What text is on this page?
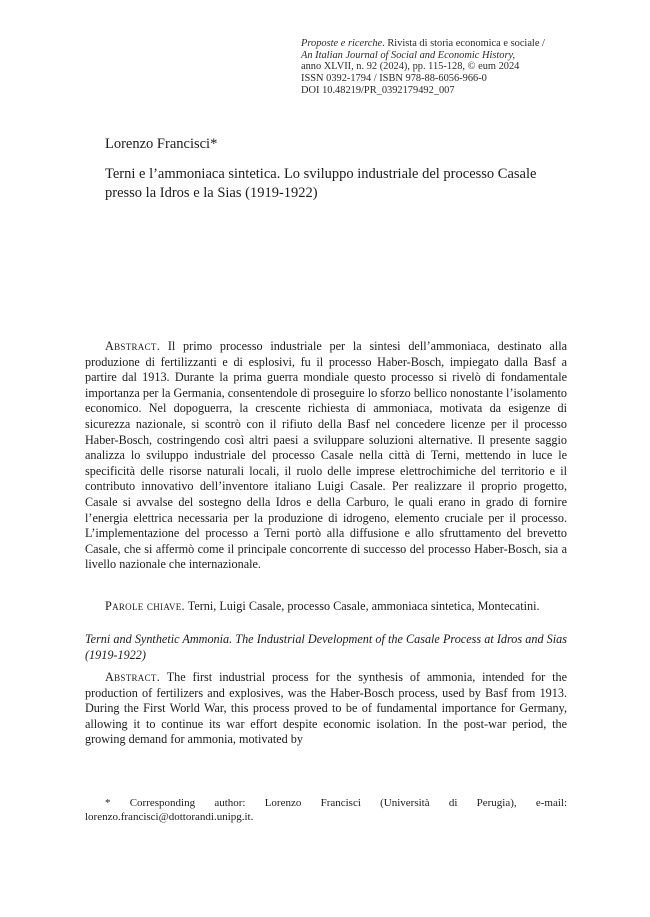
Proposte e ricerche. Rivista di storia economica e sociale /
An Italian Journal of Social and Economic History,
anno XLVII, n. 92 (2024), pp. 115-128, © eum 2024
ISSN 0392-1794 / ISBN 978-88-6056-966-0
DOI 10.48219/PR_0392179492_007
Lorenzo Francisci*
Terni e l’ammoniaca sintetica. Lo sviluppo industriale del processo Casale presso la Idros e la Sias (1919-1922)

Abstract. Il primo processo industriale per la sintesi dell’ammoniaca, destinato alla produzione di fertilizzanti e di esplosivi, fu il processo Haber-Bosch, impiegato dalla Basf a partire dal 1913. Durante la prima guerra mondiale questo processo si rivelò di fondamentale importanza per la Germania, consentendole di proseguire lo sforzo bellico nonostante l’isolamento economico. Nel dopoguerra, la crescente richiesta di ammoniaca, motivata da esigenze di sicurezza nazionale, si scontrò con il rifiuto della Basf nel concedere licenze per il processo Haber-Bosch, costringendo così altri paesi a sviluppare soluzioni alternative. Il presente saggio analizza lo sviluppo industriale del processo Casale nella città di Terni, mettendo in luce le specificità delle risorse naturali locali, il ruolo delle imprese elettrochimiche del territorio e il contributo innovativo dell’inventore italiano Luigi Casale. Per realizzare il proprio progetto, Casale si avvalse del sostegno della Idros e della Carburo, le quali erano in grado di fornire l’energia elettrica necessaria per la produzione di idrogeno, elemento cruciale per il processo. L’implementazione del processo a Terni portò alla diffusione e allo sfruttamento del brevetto Casale, che si affermò come il principale concorrente di successo del processo Haber-Bosch, sia a livello nazionale che internazionale.

Parole chiave. Terni, Luigi Casale, processo Casale, ammoniaca sintetica, Montecatini.

Terni and Synthetic Ammonia. The Industrial Development of the Casale Process at Idros and Sias (1919-1922)

Abstract. The first industrial process for the synthesis of ammonia, intended for the production of fertilizers and explosives, was the Haber-Bosch process, used by Basf from 1913. During the First World War, this process proved to be of fundamental importance for Germany, allowing it to continue its war effort despite economic isolation. In the post-war period, the growing demand for ammonia, motivated by

* Corresponding author: Lorenzo Francisci (Università di Perugia), e-mail: lorenzo.francisci@dottorandi.unipg.it.
